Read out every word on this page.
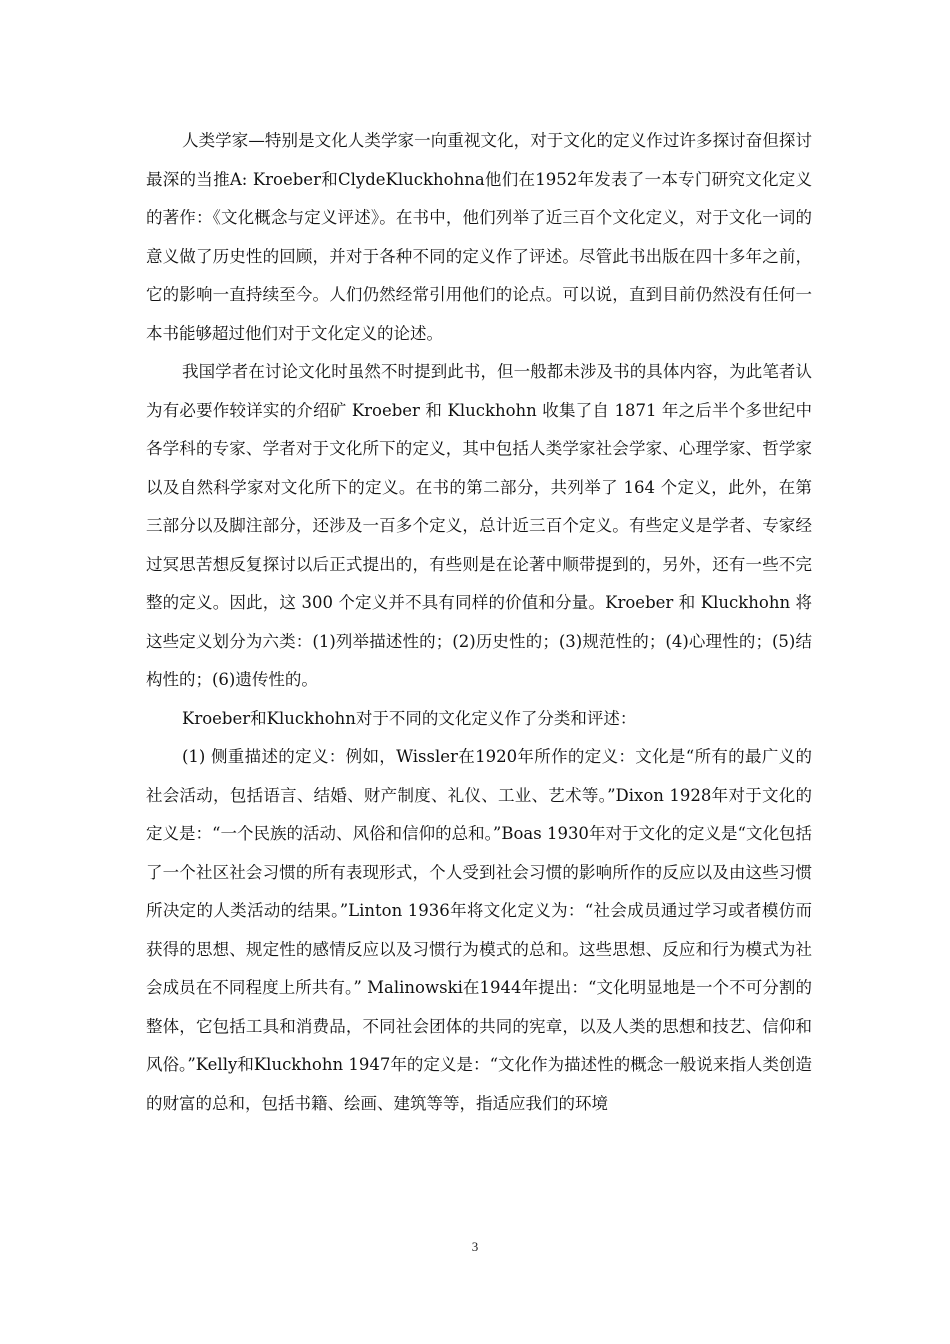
人类学家—特别是文化人类学家一向重视文化，对于文化的定义作过许多探讨奋但探讨最深的当推A: Kroeber和ClydeKluckhohna他们在1952年发表了一本专门研究文化定义的著作：《文化概念与定义评述》。在书中，他们列举了近三百个文化定义，对于文化一词的意义做了历史性的回顾，并对于各种不同的定义作了评述。尽管此书出版在四十多年之前，它的影响一直持续至今。人们仍然经常引用他们的论点。可以说，直到目前仍然没有任何一本书能够超过他们对于文化定义的论述。

我国学者在讨论文化时虽然不时提到此书，但一般都未涉及书的具体内容，为此笔者认为有必要作较详实的介绍矿 Kroeber 和 Kluckhohn 收集了自 1871 年之后半个多世纪中各学科的专家、学者对于文化所下的定义，其中包括人类学家社会学家、心理学家、哲学家以及自然科学家对文化所下的定义。在书的第二部分，共列举了 164 个定义，此外，在第三部分以及脚注部分，还涉及一百多个定义，总计近三百个定义。有些定义是学者、专家经过冥思苦想反复探讨以后正式提出的，有些则是在论著中顺带提到的，另外，还有一些不完整的定义。因此，这 300 个定义并不具有同样的价值和分量。Kroeber 和 Kluckhohn 将这些定义划分为六类：(1)列举描述性的；(2)历史性的；(3)规范性的；(4)心理性的；(5)结构性的；(6)遗传性的。

Kroeber和Kluckhohn对于不同的文化定义作了分类和评述：

(1) 侧重描述的定义：例如，Wissler在1920年所作的定义：文化是“所有的最广义的社会活动，包括语言、结婚、财产制度、礼仪、工业、艺术等。”Dixon 1928年对于文化的定义是：“一个民族的活动、风俗和信仰的总和。”Boas 1930年对于文化的定义是“文化包括了一个社区社会习惯的所有表现形式，个人受到社会习惯的影响所作的反应以及由这些习惯所决定的人类活动的结果。”Linton 1936年将文化定义为：“社会成员通过学习或者模仿而获得的思想、规定性的感情反应以及习惯行为模式的总和。这些思想、反应和行为模式为社会成员在不同程度上所共有。” Malinowski在1944年提出：“文化明显地是一个不可分割的整体，它包括工具和消费品，不同社会团体的共同的宪章，以及人类的思想和技艺、信仰和风俗。”Kelly和Kluckhohn 1947年的定义是：“文化作为描述性的概念一般说来指人类创造的财富的总和，包括书籍、绘画、建筑等等，指适应我们的环境

3
